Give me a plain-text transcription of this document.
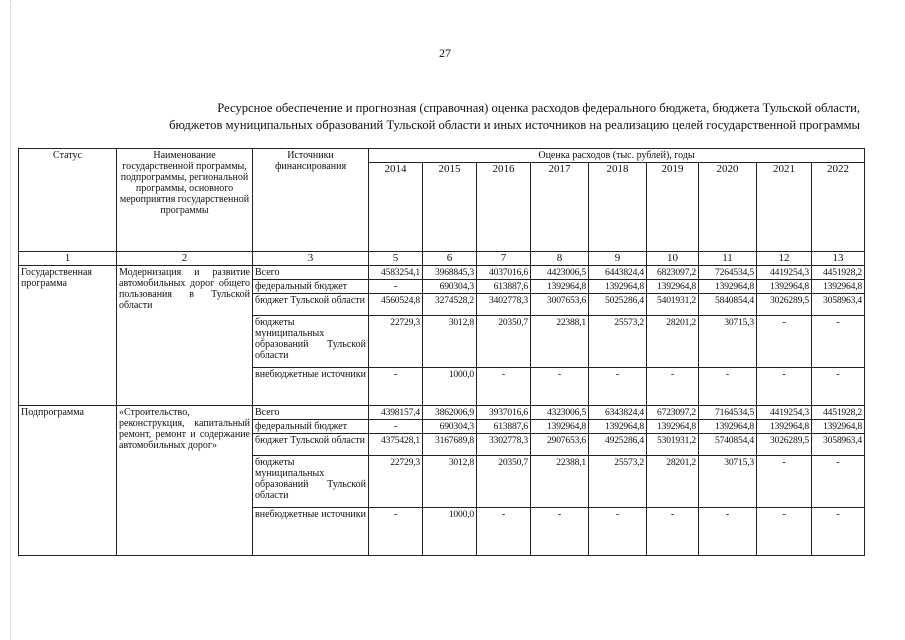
27
Ресурсное обеспечение и прогнозная (справочная) оценка расходов федерального бюджета, бюджета Тульской области,
бюджетов муниципальных образований Тульской области и иных источников на реализацию целей государственной программы
Статус	Наименование государственной программы, подпрограммы, региональной программы, основного мероприятия государственной программы	Источники финансирования	Оценка расходов (тыс. рублей), годы								
			2014	2015	2016	2017	2018	2019	2020	2021	2022
1	2	3	5	6	7	8	9	10	11	12	13
Государственная программа	Модернизация и развитие автомобильных дорог общего пользования в Тульской области	Всего	4583254,1	3968845,3	4037016,6	4423006,5	6443824,4	6823097,2	7264534,5	4419254,3	4451928,2
		федеральный бюджет	-	690304,3	613887,6	1392964,8	1392964,8	1392964,8	1392964,8	1392964,8	1392964,8
		бюджет Тульской области	4560524,8	3274528,2	3402778,3	3007653,6	5025286,4	5401931,2	5840854,4	3026289,5	3058963,4
		бюджеты муниципальных образований Тульской области	22729,3	3012,8	20350,7	22388,1	25573,2	28201,2	30715,3	-	-
		внебюджетные источники	-	1000,0	-	-	-	-	-	-	-
Подпрограмма	«Строительство, реконструкция, капитальный ремонт, ремонт и содержание автомобильных дорог»	Всего	4398157,4	3862006,9	3937016,6	4323006,5	6343824,4	6723097,2	7164534,5	4419254,3	4451928,2
		федеральный бюджет	-	690304,3	613887,6	1392964,8	1392964,8	1392964,8	1392964,8	1392964,8	1392964,8
		бюджет Тульской области	4375428,1	3167689,8	3302778,3	2907653,6	4925286,4	5301931,2	5740854,4	3026289,5	3058963,4
		бюджеты муниципальных образований Тульской области	22729,3	3012,8	20350,7	22388,1	25573,2	28201,2	30715,3	-	-
		внебюджетные источники	-	1000,0	-	-	-	-	-	-	-
